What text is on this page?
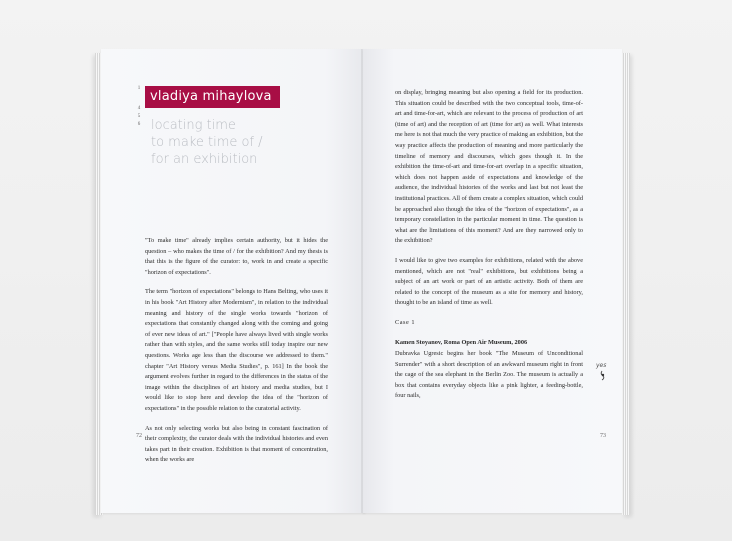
1
4
5
6
vladiya mihaylova
locating time
to make time of /
for an exhibition

"To make time" already implies certain authority, but it hides the question – who makes the time of / for the exhibition? And my thesis is that this is the figure of the curator: to, work in and create a specific "horizon of expectations".

The term "horizon of expectations" belongs to Hans Belting, who uses it in his book "Art History after Modernism", in relation to the individual meaning and history of the single works towards "horizon of expectations that constantly changed along with the coming and going of ever new ideas of art." ["People have always lived with single works rather than with styles, and the same works still today inspire our new questions. Works age less than the discourse we addressed to them." chapter "Art History versus Media Studies", p. 161] In the book the argument evolves further in regard to the differences in the status of the image within the disciplines of art history and media studies, but I would like to stop here and develop the idea of the "horizon of expectations" in the possible relation to the curatorial activity.

As not only selecting works but also being in constant fascination of their complexity, the curator deals with the individual histories and even takes part in their creation. Exhibition is that moment of concentration, when the works are

72

on display, bringing meaning but also opening a field for its production. This situation could be described with the two conceptual tools, time-of-art and time-for-art, which are relevant to the process of production of art (time of art) and the reception of art (time for art) as well. What interests me here is not that much the very practice of making an exhibition, but the way practice affects the production of meaning and more particularly the timeline of memory and discourses, which goes though it. In the exhibition the time-of-art and time-for-art overlap in a specific situation, which does not happen aside of expectations and knowledge of the audience, the individual histories of the works and last but not least the institutional practices. All of them create a complex situation, which could be approached also though the idea of the "horizon of expectations", as a temporary constellation in the particular moment in time. The question is what are the limitations of this moment? And are they narrowed only to the exhibition?

I would like to give two examples for exhibitions, related with the above mentioned, which are not "real" exhibitions, but exhibitions being a subject of an art work or part of an artistic activity. Both of them are related to the concept of the museum as a site for memory and history, thought to be an island of time as well.

Case 1

Kamen Stoyanov, Roma Open Air Museum, 2006

Dubravka Ugresic begins her book "The Museum of Unconditional Surrender" with a short description of an awkward museum right in front the cage of the sea elephant in the Berlin Zoo. The museum is actually a box that contains everyday objects like a pink lighter, a feeding-bottle, four nails,

yes
73
